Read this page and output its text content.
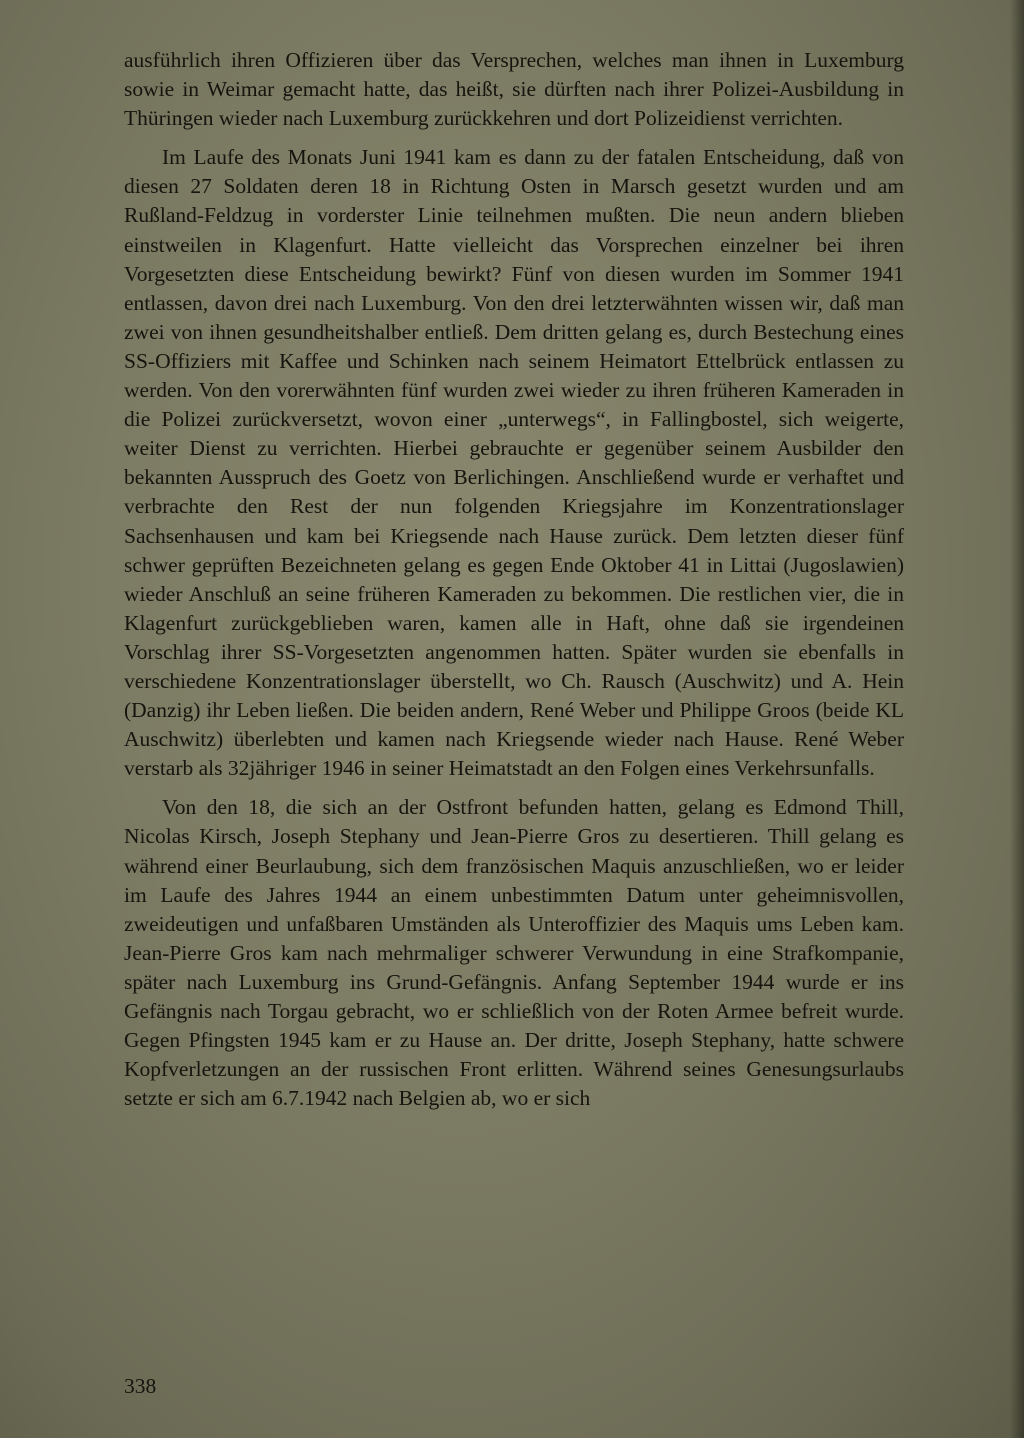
ausführlich ihren Offizieren über das Versprechen, welches man ihnen in Luxemburg sowie in Weimar gemacht hatte, das heißt, sie dürften nach ihrer Polizei-Ausbildung in Thüringen wieder nach Luxemburg zurückkehren und dort Polizeidienst verrichten.

Im Laufe des Monats Juni 1941 kam es dann zu der fatalen Entscheidung, daß von diesen 27 Soldaten deren 18 in Richtung Osten in Marsch gesetzt wurden und am Rußland-Feldzug in vorderster Linie teilnehmen mußten. Die neun andern blieben einstweilen in Klagenfurt. Hatte vielleicht das Vorsprechen einzelner bei ihren Vorgesetzten diese Entscheidung bewirkt? Fünf von diesen wurden im Sommer 1941 entlassen, davon drei nach Luxemburg. Von den drei letzterwähnten wissen wir, daß man zwei von ihnen gesundheitshalber entließ. Dem dritten gelang es, durch Bestechung eines SS-Offiziers mit Kaffee und Schinken nach seinem Heimatort Ettelbrück entlassen zu werden. Von den vorerwähnten fünf wurden zwei wieder zu ihren früheren Kameraden in die Polizei zurückversetzt, wovon einer „unterwegs“, in Fallingbostel, sich weigerte, weiter Dienst zu verrichten. Hierbei gebrauchte er gegenüber seinem Ausbilder den bekannten Ausspruch des Goetz von Berlichingen. Anschließend wurde er verhaftet und verbrachte den Rest der nun folgenden Kriegsjahre im Konzentrationslager Sachsenhausen und kam bei Kriegsende nach Hause zurück. Dem letzten dieser fünf schwer geprüften Bezeichneten gelang es gegen Ende Oktober 41 in Littai (Jugoslawien) wieder Anschluß an seine früheren Kameraden zu bekommen. Die restlichen vier, die in Klagenfurt zurückgeblieben waren, kamen alle in Haft, ohne daß sie irgendeinen Vorschlag ihrer SS-Vorgesetzten angenommen hatten. Später wurden sie ebenfalls in verschiedene Konzentrationslager überstellt, wo Ch. Rausch (Auschwitz) und A. Hein (Danzig) ihr Leben ließen. Die beiden andern, René Weber und Philippe Groos (beide KL Auschwitz) überlebten und kamen nach Kriegsende wieder nach Hause. René Weber verstarb als 32jähriger 1946 in seiner Heimatstadt an den Folgen eines Verkehrsunfalls.

Von den 18, die sich an der Ostfront befunden hatten, gelang es Edmond Thill, Nicolas Kirsch, Joseph Stephany und Jean-Pierre Gros zu desertieren. Thill gelang es während einer Beurlaubung, sich dem französischen Maquis anzuschließen, wo er leider im Laufe des Jahres 1944 an einem unbestimmten Datum unter geheimnisvollen, zweideutigen und unfaßbaren Umständen als Unteroffizier des Maquis ums Leben kam. Jean-Pierre Gros kam nach mehrmaliger schwerer Verwundung in eine Strafkompanie, später nach Luxemburg ins Grund-Gefängnis. Anfang September 1944 wurde er ins Gefängnis nach Torgau gebracht, wo er schließlich von der Roten Armee befreit wurde. Gegen Pfingsten 1945 kam er zu Hause an. Der dritte, Joseph Stephany, hatte schwere Kopfverletzungen an der russischen Front erlitten. Während seines Genesungsurlaubs setzte er sich am 6.7.1942 nach Belgien ab, wo er sich

338
